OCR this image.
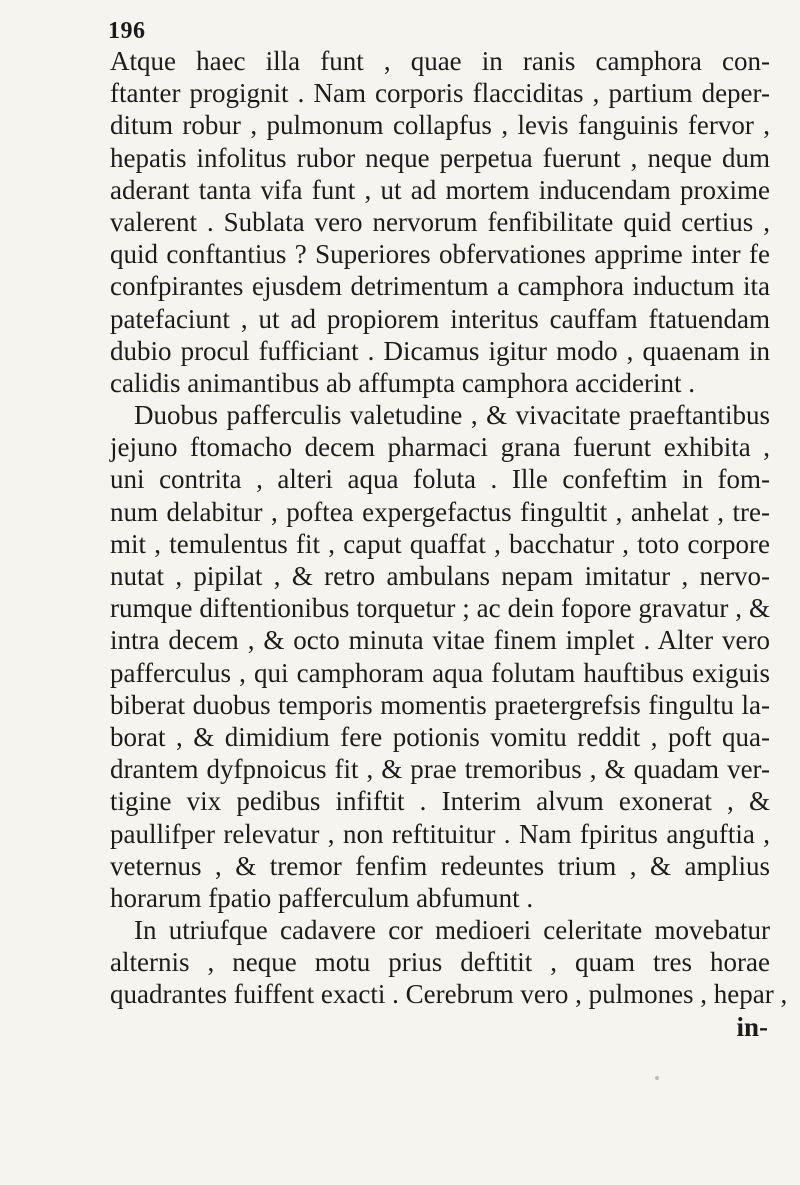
196
Atque haec illa funt , quae in ranis camphora con-
ftanter progignit . Nam corporis flacciditas , partium deper-
ditum robur , pulmonum collapfus , levis fanguinis fervor ,
hepatis infolitus rubor neque perpetua fuerunt , neque dum
aderant tanta vifa funt , ut ad mortem inducendam proxime
valerent . Sublata vero nervorum fenfibilitate quid certius ,
quid conftantius ? Superiores obfervationes apprime inter fe
confpirantes ejusdem detrimentum a camphora inductum ita
patefaciunt , ut ad propiorem interitus cauffam ftatuendam
dubio procul fufficiant . Dicamus igitur modo , quaenam in
calidis animantibus ab affumpta camphora acciderint .
Duobus pafferculis valetudine , & vivacitate praeftantibus
jejuno ftomacho decem pharmaci grana fuerunt exhibita ,
uni contrita , alteri aqua foluta . Ille confeftim in fom-
num delabitur , poftea expergefactus fingultit , anhelat , tre-
mit , temulentus fit , caput quaffat , bacchatur , toto corpore
nutat , pipilat , & retro ambulans nepam imitatur , nervo-
rumque diftentionibus torquetur ; ac dein fopore gravatur , &
intra decem , & octo minuta vitae finem implet . Alter vero
pafferculus , qui camphoram aqua folutam hauftibus exiguis
biberat duobus temporis momentis praetergrefsis fingultu la-
borat , & dimidium fere potionis vomitu reddit , poft qua-
drantem dyfpnoicus fit , & prae tremoribus , & quadam ver-
tigine vix pedibus infiftit . Interim alvum exonerat , &
paullifper relevatur , non reftituitur . Nam fpiritus anguftia ,
veternus , & tremor fenfim redeuntes trium , & amplius
horarum fpatio pafferculum abfumunt .
In utriufque cadavere cor medioeri celeritate movebatur
alternis , neque motu prius deftitit , quam tres horae
quadrantes fuiffent exacti . Cerebrum vero , pulmones , hepar ,
in-
